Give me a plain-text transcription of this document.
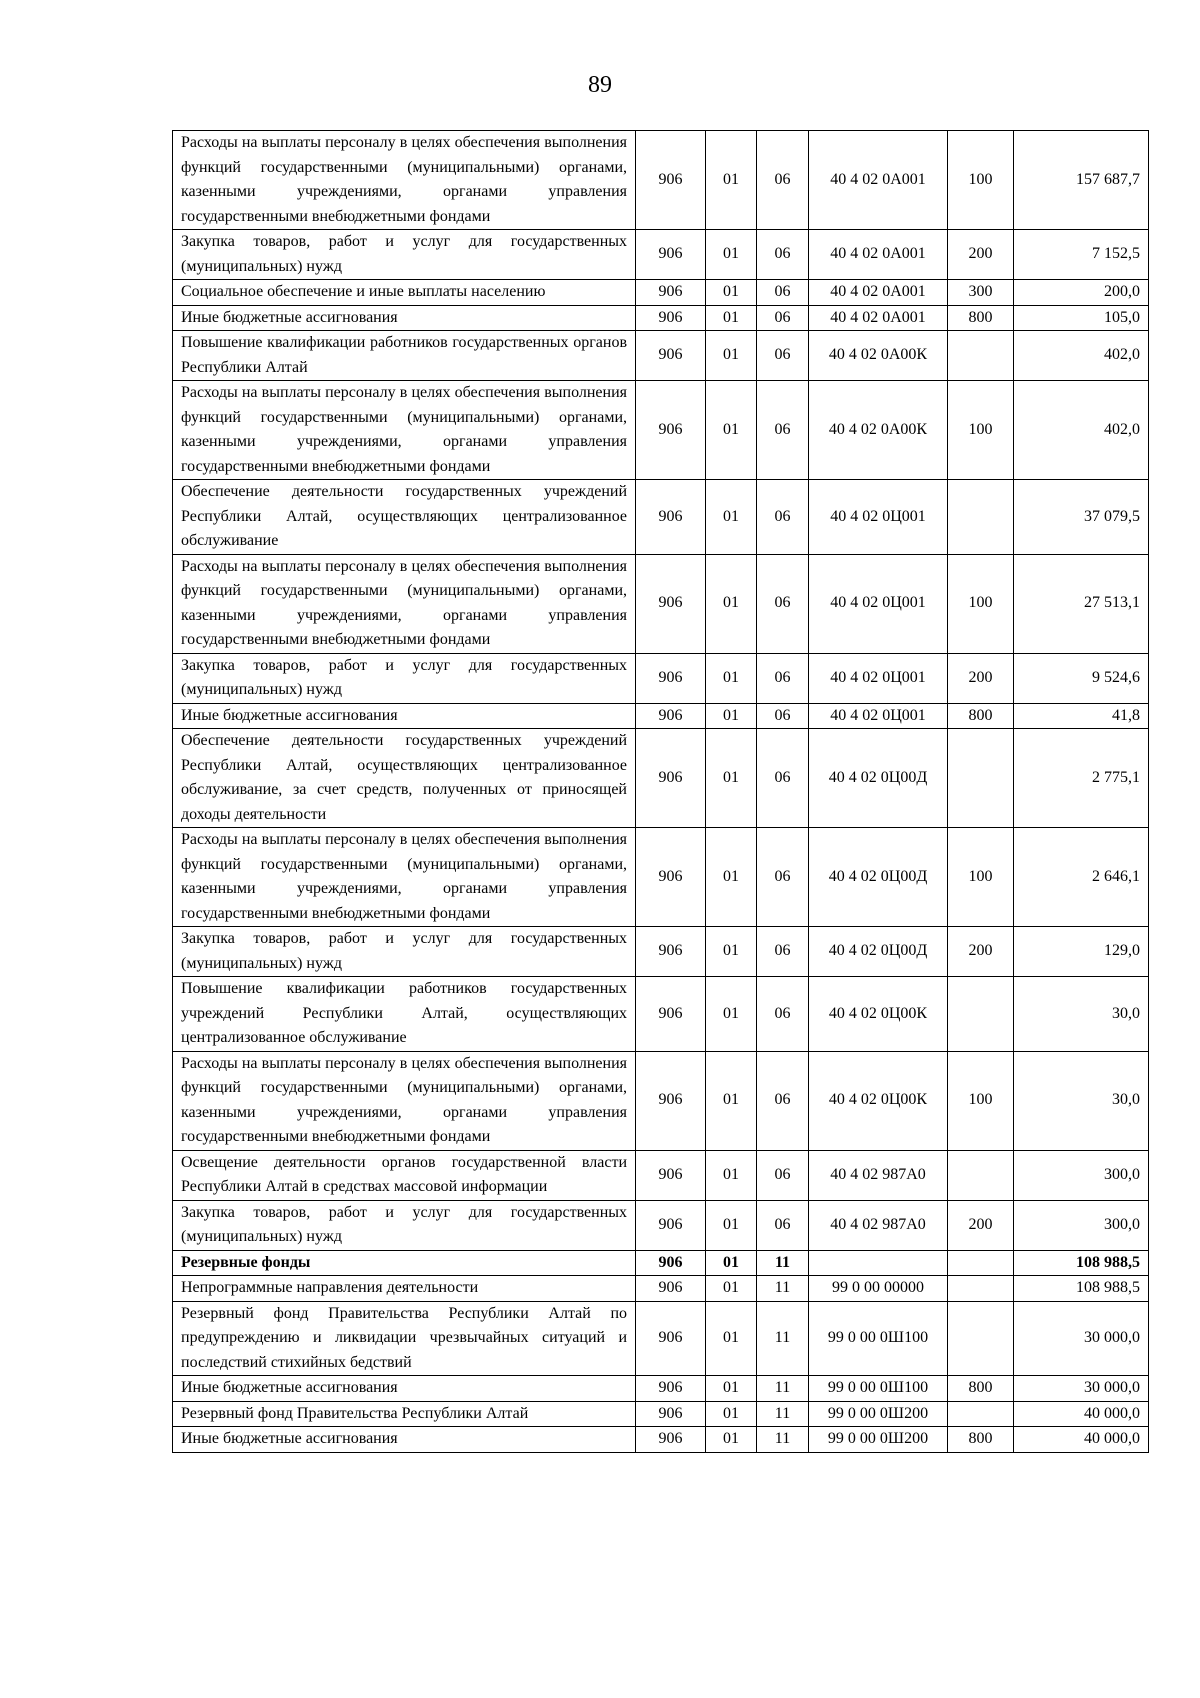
89
Расходы на выплаты персоналу в целях обеспечения выполнения функций государственными (муниципальными) органами, казенными учреждениями, органами управления государственными внебюджетными фондами	906	01	06	40 4 02 0А001	100	157 687,7
Закупка товаров, работ и услуг для государственных (муниципальных) нужд	906	01	06	40 4 02 0А001	200	7 152,5
Социальное обеспечение и иные выплаты населению	906	01	06	40 4 02 0А001	300	200,0
Иные бюджетные ассигнования	906	01	06	40 4 02 0А001	800	105,0
Повышение квалификации работников государственных органов Республики Алтай	906	01	06	40 4 02 0А00К		402,0
Расходы на выплаты персоналу в целях обеспечения выполнения функций государственными (муниципальными) органами, казенными учреждениями, органами управления государственными внебюджетными фондами	906	01	06	40 4 02 0А00К	100	402,0
Обеспечение деятельности государственных учреждений Республики Алтай, осуществляющих централизованное обслуживание	906	01	06	40 4 02 0Ц001		37 079,5
Расходы на выплаты персоналу в целях обеспечения выполнения функций государственными (муниципальными) органами, казенными учреждениями, органами управления государственными внебюджетными фондами	906	01	06	40 4 02 0Ц001	100	27 513,1
Закупка товаров, работ и услуг для государственных (муниципальных) нужд	906	01	06	40 4 02 0Ц001	200	9 524,6
Иные бюджетные ассигнования	906	01	06	40 4 02 0Ц001	800	41,8
Обеспечение деятельности государственных учреждений Республики Алтай, осуществляющих централизованное обслуживание, за счет средств, полученных от приносящей доходы деятельности	906	01	06	40 4 02 0Ц00Д		2 775,1
Расходы на выплаты персоналу в целях обеспечения выполнения функций государственными (муниципальными) органами, казенными учреждениями, органами управления государственными внебюджетными фондами	906	01	06	40 4 02 0Ц00Д	100	2 646,1
Закупка товаров, работ и услуг для государственных (муниципальных) нужд	906	01	06	40 4 02 0Ц00Д	200	129,0
Повышение квалификации работников государственных учреждений Республики Алтай, осуществляющих централизованное обслуживание	906	01	06	40 4 02 0Ц00К		30,0
Расходы на выплаты персоналу в целях обеспечения выполнения функций государственными (муниципальными) органами, казенными учреждениями, органами управления государственными внебюджетными фондами	906	01	06	40 4 02 0Ц00К	100	30,0
Освещение деятельности органов государственной власти Республики Алтай в средствах массовой информации	906	01	06	40 4 02 987А0		300,0
Закупка товаров, работ и услуг для государственных (муниципальных) нужд	906	01	06	40 4 02 987А0	200	300,0
Резервные фонды	906	01	11			108 988,5
Непрограммные направления деятельности	906	01	11	99 0 00 00000		108 988,5
Резервный фонд Правительства Республики Алтай по предупреждению и ликвидации чрезвычайных ситуаций и последствий стихийных бедствий	906	01	11	99 0 00 0Ш100		30 000,0
Иные бюджетные ассигнования	906	01	11	99 0 00 0Ш100	800	30 000,0
Резервный фонд Правительства Республики Алтай	906	01	11	99 0 00 0Ш200		40 000,0
Иные бюджетные ассигнования	906	01	11	99 0 00 0Ш200	800	40 000,0
